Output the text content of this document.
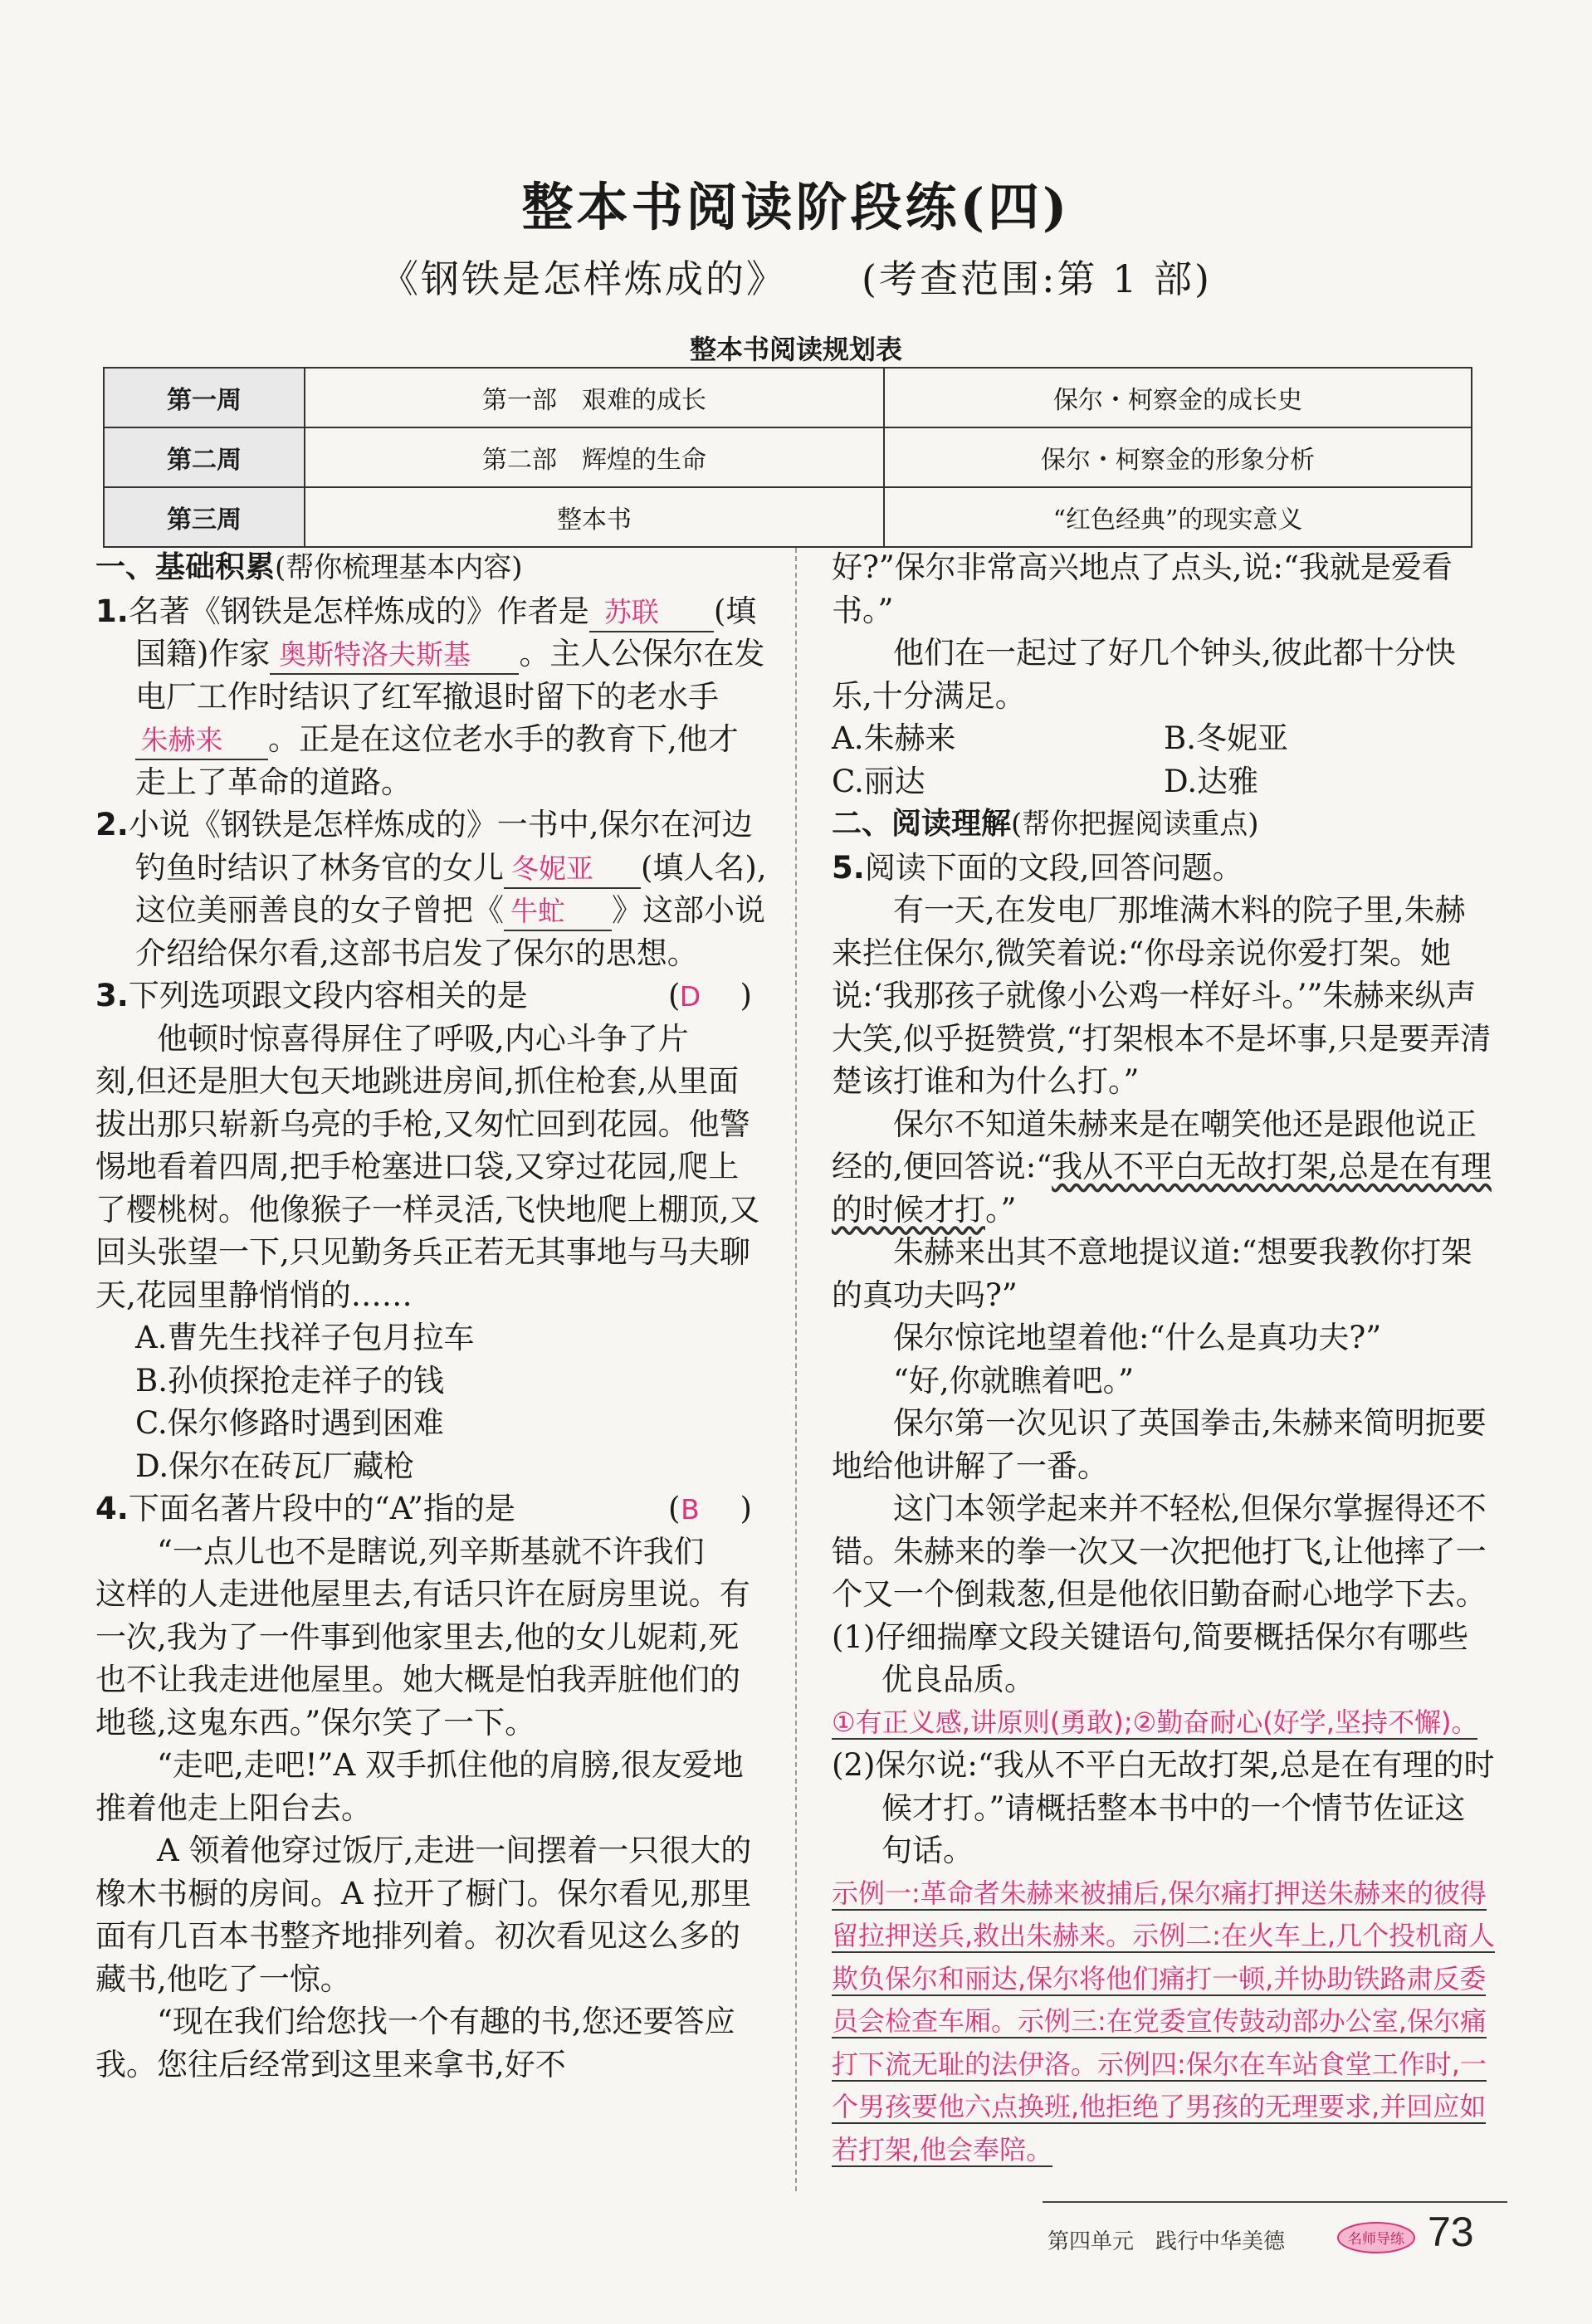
整本书阅读阶段练(四)
《钢铁是怎样炼成的》 (考查范围:第 1 部)
整本书阅读规划表
第一周	第一部　艰难的成长	保尔・柯察金的成长史
第二周	第二部　辉煌的生命	保尔・柯察金的形象分析
第三周	整本书	“红色经典”的现实意义

一、基础积累(帮你梳理基本内容)

1.名著《钢铁是怎样炼成的》作者是 苏联 (填国籍)作家 奥斯特洛夫斯基 。主人公保尔在发电厂工作时结识了红军撤退时留下的老水手朱赫来 。正是在这位老水手的教育下,他才走上了革命的道路。

2.小说《钢铁是怎样炼成的》一书中,保尔在河边钓鱼时结识了林务官的女儿 冬妮亚 (填人名),这位美丽善良的女子曾把《 牛虻 》这部小说介绍给保尔看,这部书启发了保尔的思想。

3.下列选项跟文段内容相关的是	(D )

他顿时惊喜得屏住了呼吸,内心斗争了片刻,但还是胆大包天地跳进房间,抓住枪套,从里面拔出那只崭新乌亮的手枪,又匆忙回到花园。他警惕地看着四周,把手枪塞进口袋,又穿过花园,爬上了樱桃树。他像猴子一样灵活,飞快地爬上棚顶,又回头张望一下,只见勤务兵正若无其事地与马夫聊天,花园里静悄悄的……

A.曹先生找祥子包月拉车

B.孙侦探抢走祥子的钱

C.保尔修路时遇到困难

D.保尔在砖瓦厂藏枪

4.下面名著片段中的“A”指的是	(B )

“一点儿也不是瞎说,列辛斯基就不许我们这样的人走进他屋里去,有话只许在厨房里说。有一次,我为了一件事到他家里去,他的女儿妮莉,死也不让我走进他屋里。她大概是怕我弄脏他们的地毯,这鬼东西。”保尔笑了一下。

“走吧,走吧!”A 双手抓住他的肩膀,很友爱地推着他走上阳台去。

A 领着他穿过饭厅,走进一间摆着一只很大的橡木书橱的房间。A 拉开了橱门。保尔看见,那里面有几百本书整齐地排列着。初次看见这么多的藏书,他吃了一惊。

“现在我们给您找一个有趣的书,您还要答应我。您往后经常到这里来拿书,好不

好?”保尔非常高兴地点了点头,说:“我就是爱看书。”

他们在一起过了好几个钟头,彼此都十分快乐,十分满足。

A.朱赫来	B.冬妮亚
C.丽达	D.达雅

二、阅读理解(帮你把握阅读重点)

5.阅读下面的文段,回答问题。

有一天,在发电厂那堆满木料的院子里,朱赫来拦住保尔,微笑着说:“你母亲说你爱打架。她说:‘我那孩子就像小公鸡一样好斗。’”朱赫来纵声大笑,似乎挺赞赏,“打架根本不是坏事,只是要弄清楚该打谁和为什么打。”

保尔不知道朱赫来是在嘲笑他还是跟他说正经的,便回答说:“我从不平白无故打架,总是在有理的时候才打。”

朱赫来出其不意地提议道:“想要我教你打架的真功夫吗?”

保尔惊诧地望着他:“什么是真功夫?”

“好,你就瞧着吧。”

保尔第一次见识了英国拳击,朱赫来简明扼要地给他讲解了一番。

这门本领学起来并不轻松,但保尔掌握得还不错。朱赫来的拳一次又一次把他打飞,让他摔了一个又一个倒栽葱,但是他依旧勤奋耐心地学下去。

(1)仔细揣摩文段关键语句,简要概括保尔有哪些优良品质。

①有正义感,讲原则(勇敢);②勤奋耐心(好学,坚持不懈)。

(2)保尔说:“我从不平白无故打架,总是在有理的时候才打。”请概括整本书中的一个情节佐证这句话。

示例一:革命者朱赫来被捕后,保尔痛打押送朱赫来的彼得留拉押送兵,救出朱赫来。示例二:在火车上,几个投机商人欺负保尔和丽达,保尔将他们痛打一顿,并协助铁路肃反委员会检查车厢。示例三:在党委宣传鼓动部办公室,保尔痛打下流无耻的法伊洛。示例四:保尔在车站食堂工作时,一个男孩要他六点换班,他拒绝了男孩的无理要求,并回应如若打架,他会奉陪。

第四单元　践行中华美德	名师导练 73
